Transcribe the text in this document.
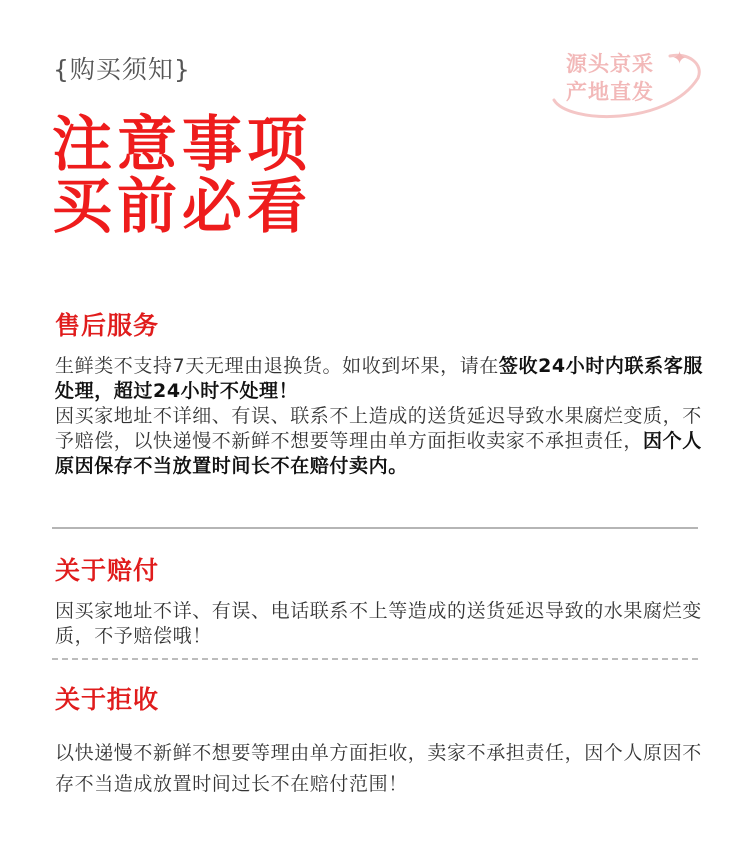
{购买须知}
注意事项
买前必看
源头京采
产地直发
✦
售后服务
生鲜类不支持7天无理由退换货。如收到坏果，请在签收24小时内联系客服处理，超过24小时不处理！
因买家地址不详细、有误、联系不上造成的送货延迟导致水果腐烂变质，不予赔偿，以快递慢不新鲜不想要等理由单方面拒收卖家不承担责任，因个人原因保存不当放置时间长不在赔付卖内。
关于赔付
因买家地址不详、有误、电话联系不上等造成的送货延迟导致的水果腐烂变质，不予赔偿哦！
关于拒收
以快递慢不新鲜不想要等理由单方面拒收，卖家不承担责任，因个人原因不存不当造成放置时间过长不在赔付范围！
